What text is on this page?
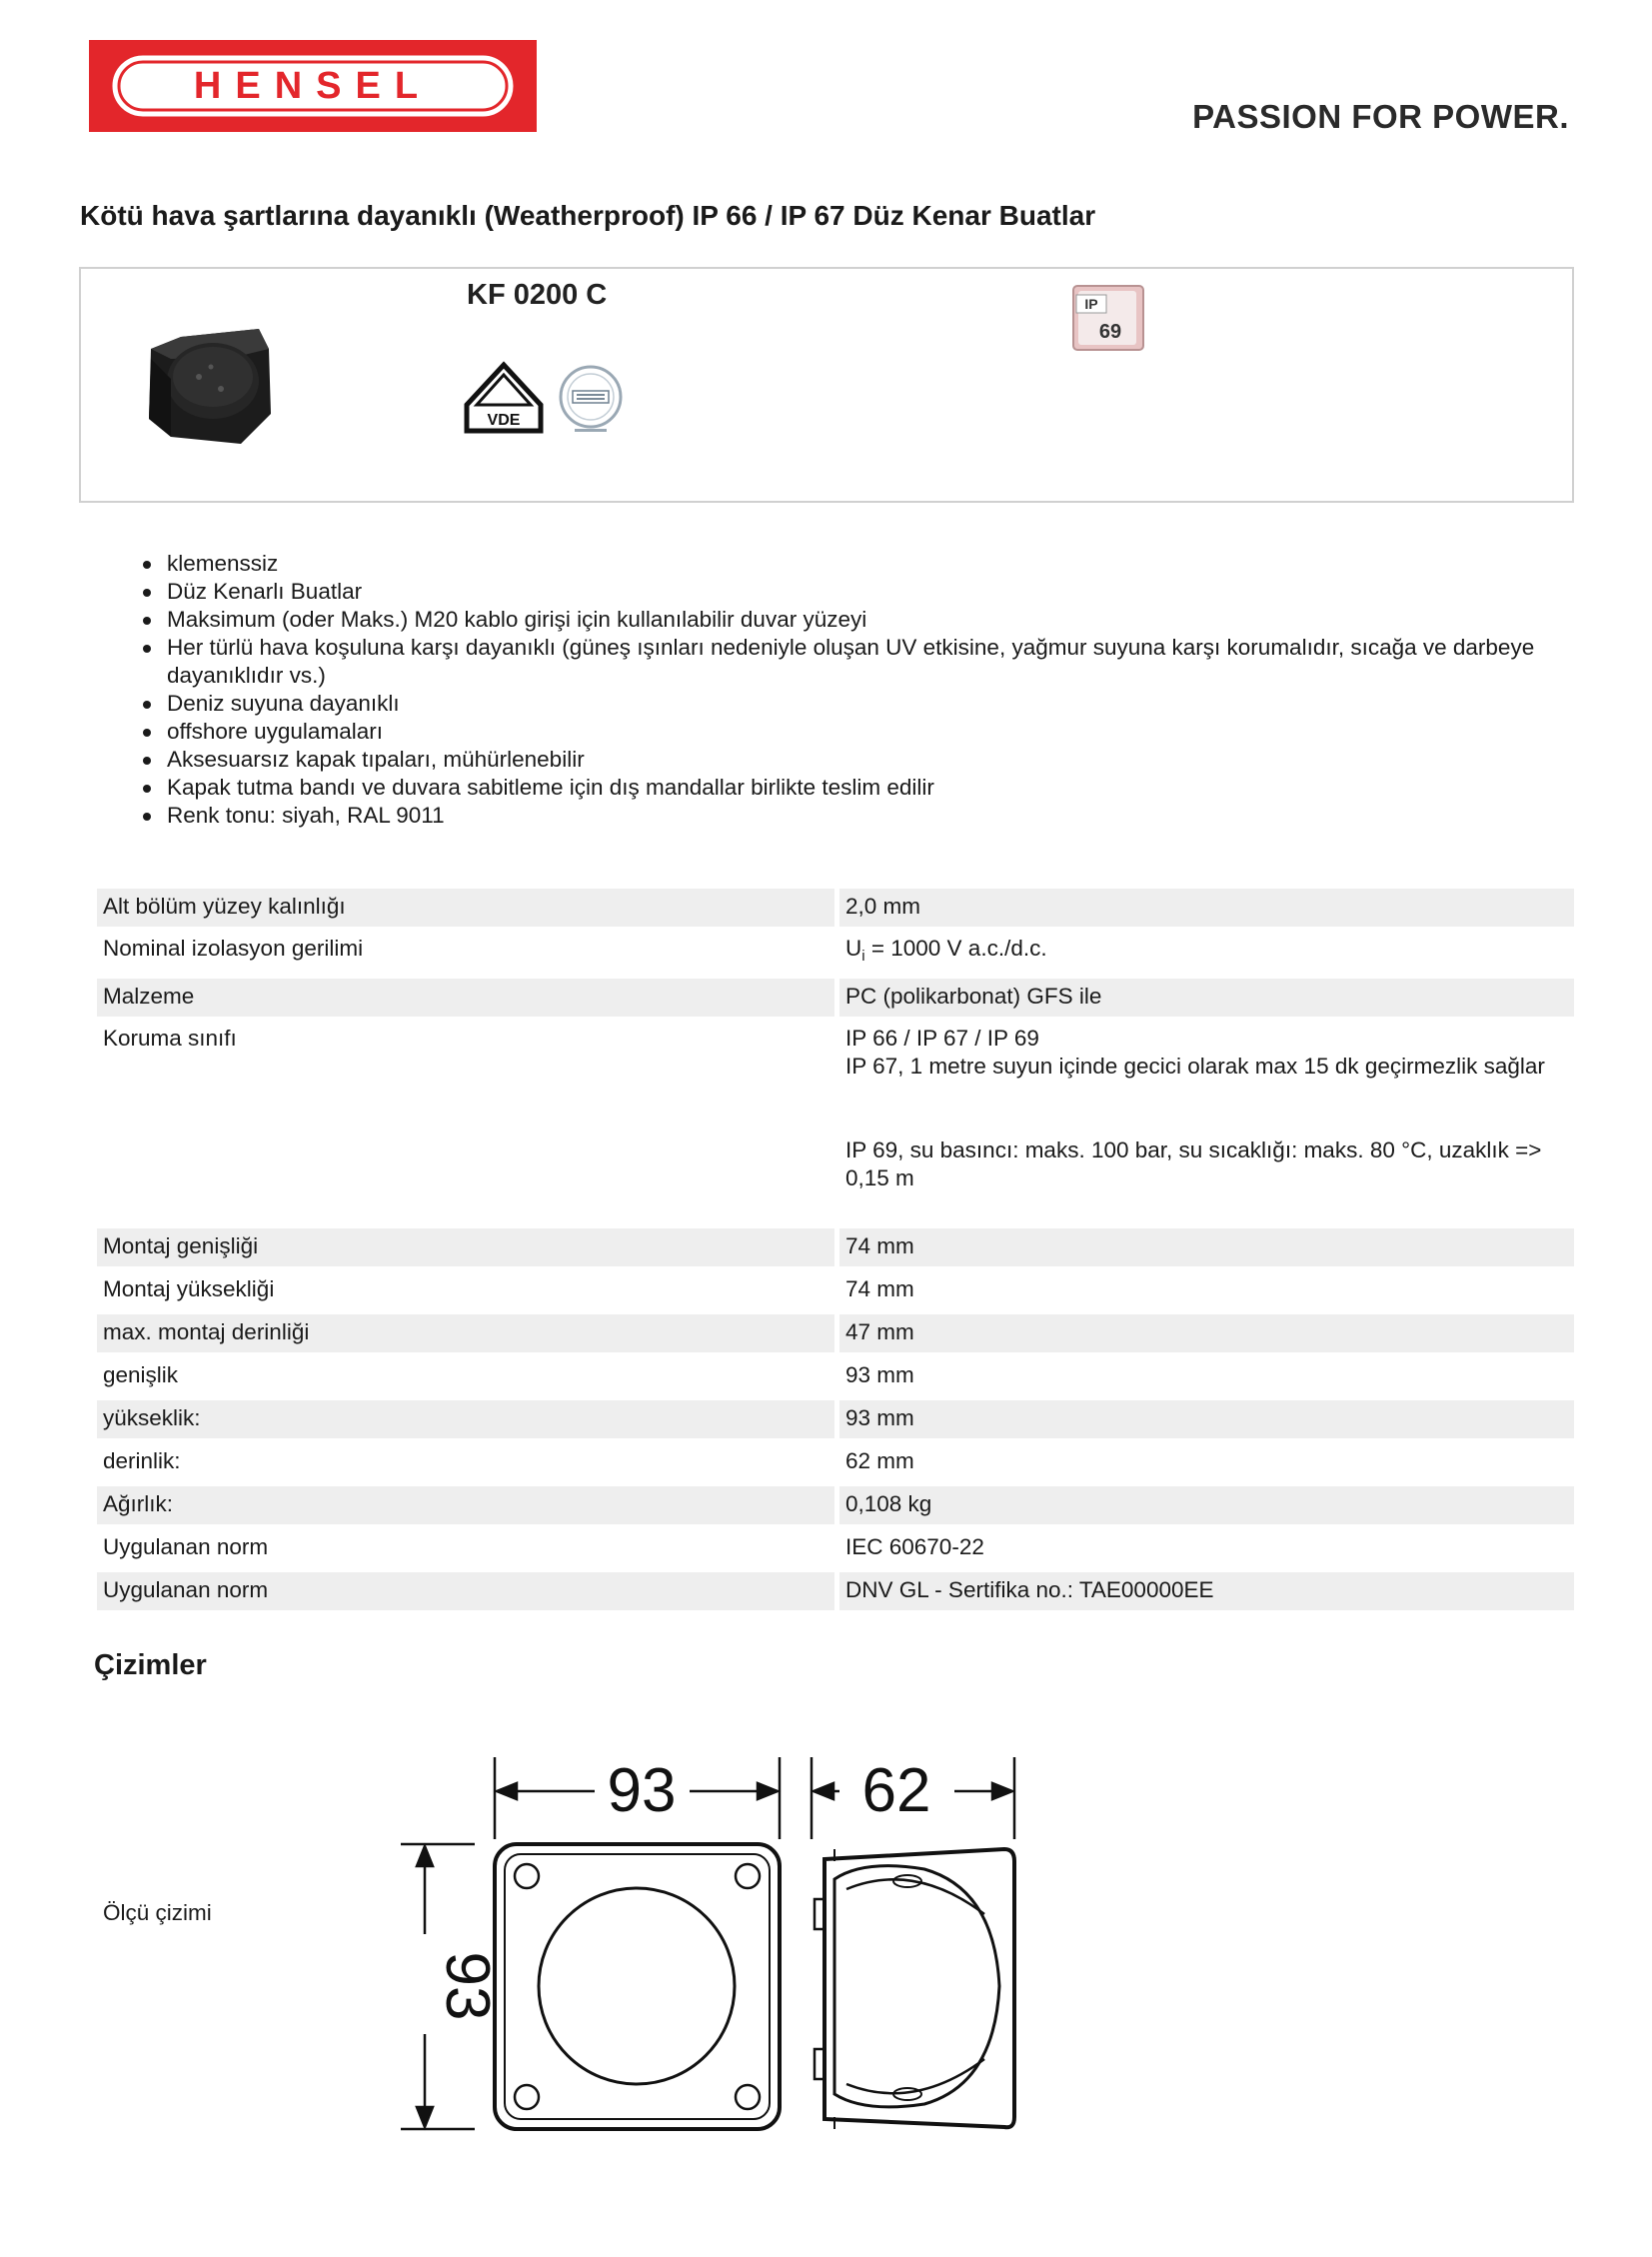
HENSEL
PASSION FOR POWER.
Kötü hava şartlarına dayanıklı (Weatherproof) IP 66 / IP 67 Düz Kenar Buatlar
KF 0200 C
VDE
IP
69
klemenssiz
Düz Kenarlı Buatlar
Maksimum (oder Maks.) M20 kablo girişi için kullanılabilir duvar yüzeyi
Her türlü hava koşuluna karşı dayanıklı (güneş ışınları nedeniyle oluşan UV etkisine, yağmur suyuna karşı korumalıdır, sıcağa ve darbeye dayanıklıdır vs.)
Deniz suyuna dayanıklı
offshore uygulamaları
Aksesuarsız kapak tıpaları, mühürlenebilir
Kapak tutma bandı ve duvara sabitleme için dış mandallar birlikte teslim edilir
Renk tonu: siyah, RAL 9011
Alt bölüm yüzey kalınlığı	2,0 mm
Nominal izolasyon gerilimi	$U_i = 1000$ V a.c./d.c.
Malzeme	PC (polikarbonat) GFS ile
Koruma sınıfı	IP 66 / IP 67 / IP 69
IP 67, 1 metre suyun içinde gecici olarak max 15 dk geçirmezlik sağlar
IP 69, su basıncı: maks. 100 bar, su sıcaklığı: maks. 80 °C, uzaklık => 0,15 m
Montaj genişliği	74 mm
Montaj yüksekliği	74 mm
max. montaj derinliği	47 mm
genişlik	93 mm
yükseklik:	93 mm
derinlik:	62 mm
Ağırlık:	0,108 kg
Uygulanan norm	IEC 60670-22
Uygulanan norm	DNV GL - Sertifika no.: TAE00000EE
Çizimler
Ölçü çizimi
93	62
93
